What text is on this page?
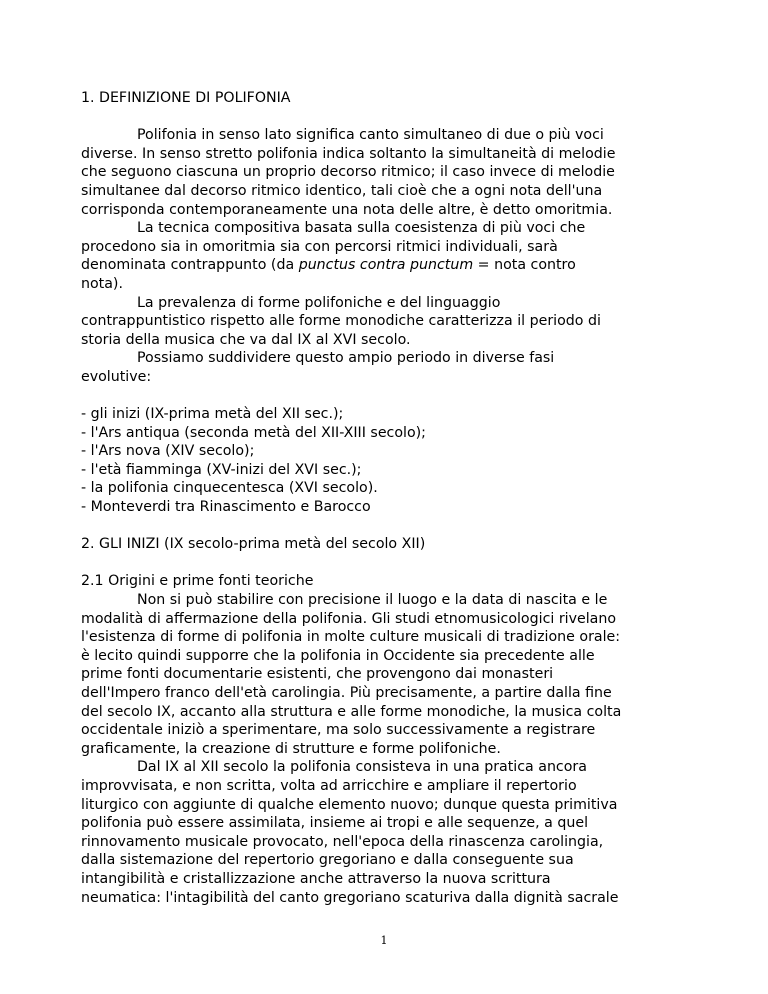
1. DEFINIZIONE DI POLIFONIA
Polifonia in senso lato significa canto simultaneo di due o più voci
diverse. In senso stretto polifonia indica soltanto la simultaneità di melodie
che seguono ciascuna un proprio decorso ritmico; il caso invece di melodie
simultanee dal decorso ritmico identico, tali cioè che a ogni nota dell'una
corrisponda contemporaneamente una nota delle altre, è detto omoritmia.
La tecnica compositiva basata sulla coesistenza di più voci che
procedono sia in omoritmia sia con percorsi ritmici individuali, sarà
denominata contrappunto (da punctus contra punctum = nota contro
nota).
La prevalenza di forme polifoniche e del linguaggio
contrappuntistico rispetto alle forme monodiche caratterizza il periodo di
storia della musica che va dal IX al XVI secolo.
Possiamo suddividere questo ampio periodo in diverse fasi
evolutive:
- gli inizi (IX-prima metà del XII sec.);
- l'Ars antiqua (seconda metà del XII-XIII secolo);
- l'Ars nova (XIV secolo);
- l'età fiamminga (XV-inizi del XVI sec.);
- la polifonia cinquecentesca (XVI secolo).
- Monteverdi tra Rinascimento e Barocco
2. GLI INIZI (IX secolo-prima metà del secolo XII)
2.1 Origini e prime fonti teoriche
Non si può stabilire con precisione il luogo e la data di nascita e le
modalità di affermazione della polifonia. Gli studi etnomusicologici rivelano
l'esistenza di forme di polifonia in molte culture musicali di tradizione orale:
è lecito quindi supporre che la polifonia in Occidente sia precedente alle
prime fonti documentarie esistenti, che provengono dai monasteri
dell'Impero franco dell'età carolingia. Più precisamente, a partire dalla fine
del secolo IX, accanto alla struttura e alle forme monodiche, la musica colta
occidentale iniziò a sperimentare, ma solo successivamente a registrare
graficamente, la creazione di strutture e forme polifoniche.
Dal IX al XII secolo la polifonia consisteva in una pratica ancora
improvvisata, e non scritta, volta ad arricchire e ampliare il repertorio
liturgico con aggiunte di qualche elemento nuovo; dunque questa primitiva
polifonia può essere assimilata, insieme ai tropi e alle sequenze, a quel
rinnovamento musicale provocato, nell'epoca della rinascenza carolingia,
dalla sistemazione del repertorio gregoriano e dalla conseguente sua
intangibilità e cristallizzazione anche attraverso la nuova scrittura
neumatica: l'intagibilità del canto gregoriano scaturiva dalla dignità sacrale
1
